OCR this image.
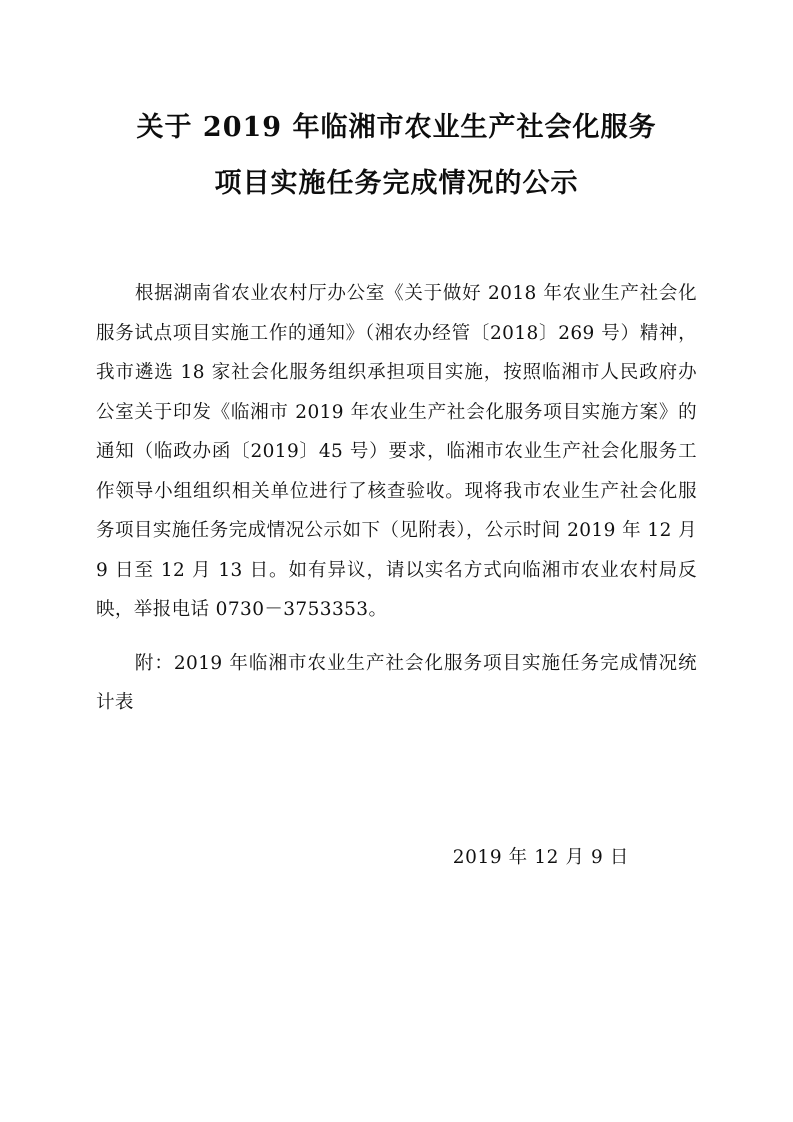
关于 2019 年临湘市农业生产社会化服务
项目实施任务完成情况的公示

根据湖南省农业农村厅办公室《关于做好 2018 年农业生产社会化服务试点项目实施工作的通知》（湘农办经管〔2018〕269 号）精神，我市遴选 18 家社会化服务组织承担项目实施，按照临湘市人民政府办公室关于印发《临湘市 2019 年农业生产社会化服务项目实施方案》的通知（临政办函〔2019〕45 号）要求，临湘市农业生产社会化服务工作领导小组组织相关单位进行了核查验收。现将我市农业生产社会化服务项目实施任务完成情况公示如下（见附表），公示时间 2019 年 12 月 9 日至 12 月 13 日。如有异议，请以实名方式向临湘市农业农村局反映，举报电话 0730－3753353。

附：2019 年临湘市农业生产社会化服务项目实施任务完成情况统计表

2019 年 12 月 9 日
